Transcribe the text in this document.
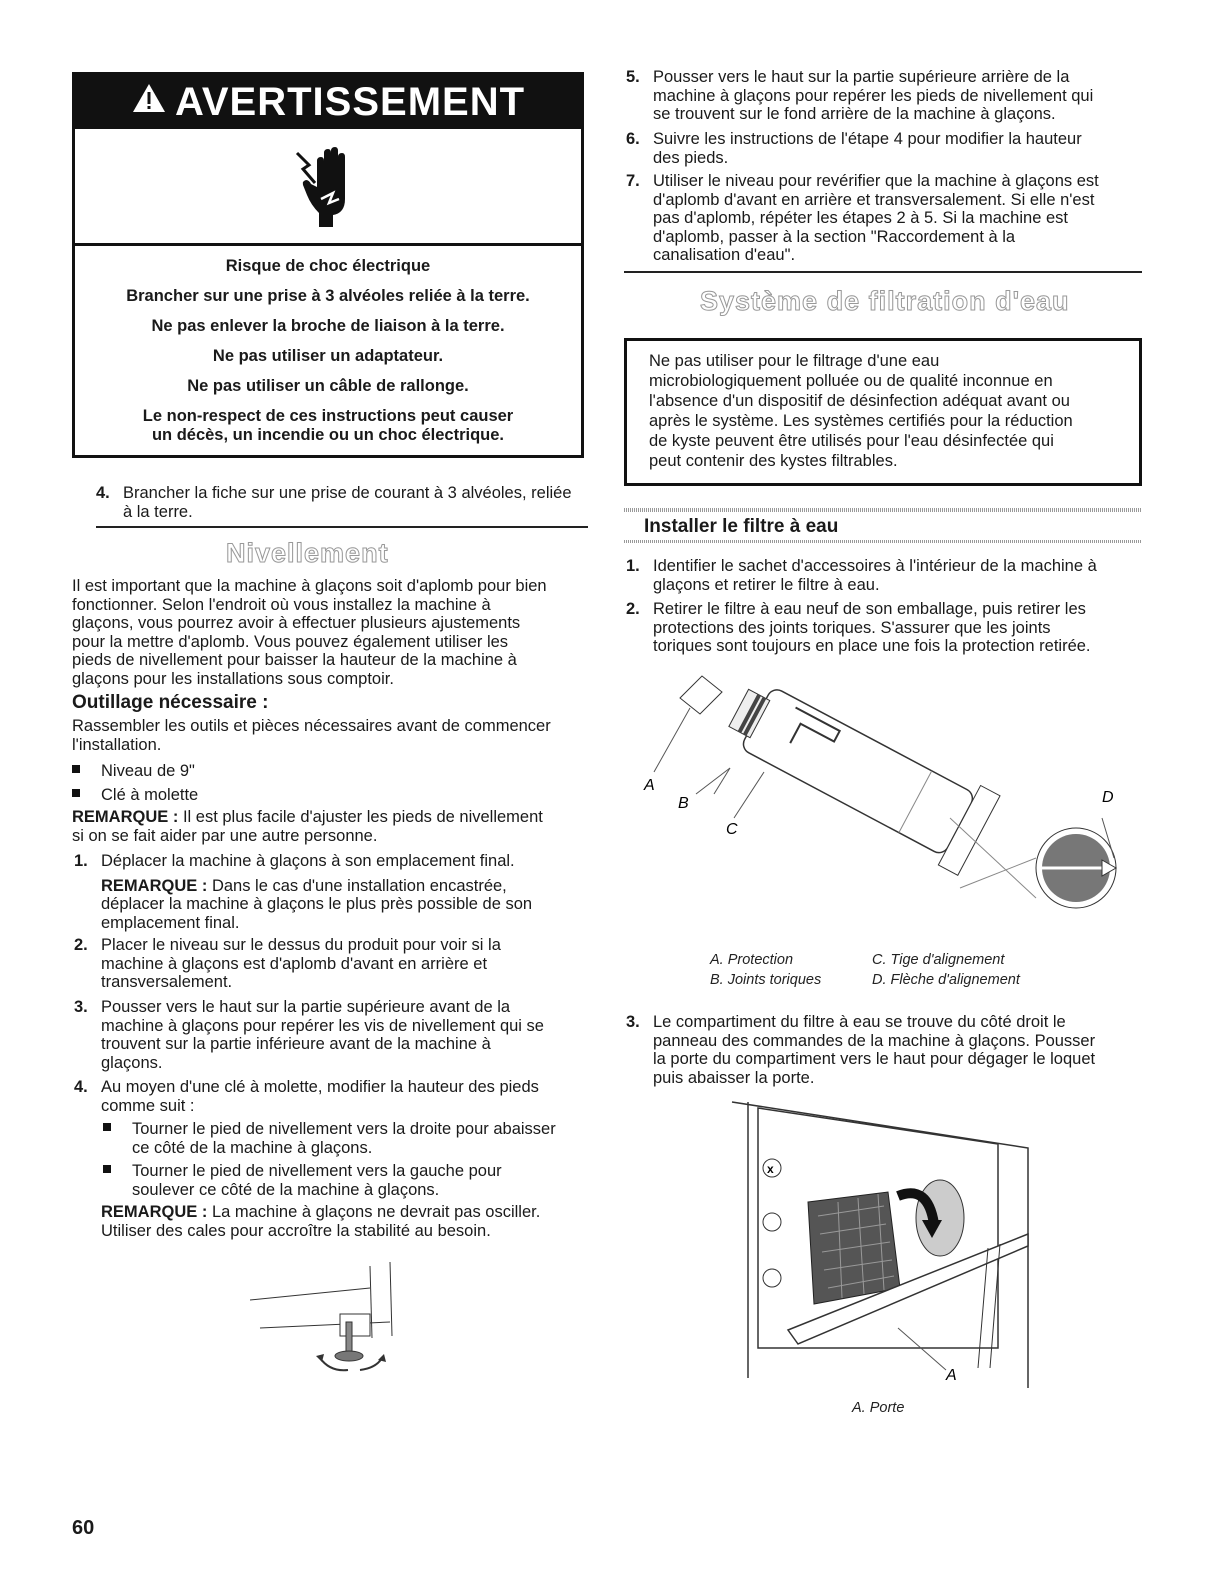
AVERTISSEMENT
Risque de choc électrique
Brancher sur une prise à 3 alvéoles reliée à la terre.
Ne pas enlever la broche de liaison à la terre.
Ne pas utiliser un adaptateur.
Ne pas utiliser un câble de rallonge.
Le non-respect de ces instructions peut causer
un décès, un incendie ou un choc électrique.
4. Brancher la fiche sur une prise de courant à 3 alvéoles, reliée
à la terre.
Nivellement
Il est important que la machine à glaçons soit d'aplomb pour bien
fonctionner. Selon l'endroit où vous installez la machine à
glaçons, vous pourrez avoir à effectuer plusieurs ajustements
pour la mettre d'aplomb. Vous pouvez également utiliser les
pieds de nivellement pour baisser la hauteur de la machine à
glaçons pour les installations sous comptoir.
Outillage nécessaire :
Rassembler les outils et pièces nécessaires avant de commencer
l'installation.
Niveau de 9"
Clé à molette
REMARQUE : Il est plus facile d'ajuster les pieds de nivellement
si on se fait aider par une autre personne.
1. Déplacer la machine à glaçons à son emplacement final.
REMARQUE : Dans le cas d'une installation encastrée,
déplacer la machine à glaçons le plus près possible de son
emplacement final.
2. Placer le niveau sur le dessus du produit pour voir si la
machine à glaçons est d'aplomb d'avant en arrière et
transversalement.
3. Pousser vers le haut sur la partie supérieure avant de la
machine à glaçons pour repérer les vis de nivellement qui se
trouvent sur la partie inférieure avant de la machine à
glaçons.
4. Au moyen d'une clé à molette, modifier la hauteur des pieds
comme suit :
Tourner le pied de nivellement vers la droite pour abaisser
ce côté de la machine à glaçons.
Tourner le pied de nivellement vers la gauche pour
soulever ce côté de la machine à glaçons.
REMARQUE : La machine à glaçons ne devrait pas osciller.
Utiliser des cales pour accroître la stabilité au besoin.
5. Pousser vers le haut sur la partie supérieure arrière de la
machine à glaçons pour repérer les pieds de nivellement qui
se trouvent sur le fond arrière de la machine à glaçons.
6. Suivre les instructions de l'étape 4 pour modifier la hauteur
des pieds.
7. Utiliser le niveau pour revérifier que la machine à glaçons est
d'aplomb d'avant en arrière et transversalement. Si elle n'est
pas d'aplomb, répéter les étapes 2 à 5. Si la machine est
d'aplomb, passer à la section "Raccordement à la
canalisation d'eau".
Système de filtration d'eau
Ne pas utiliser pour le filtrage d'une eau
microbiologiquement polluée ou de qualité inconnue en
l'absence d'un dispositif de désinfection adéquat avant ou
après le système. Les systèmes certifiés pour la réduction
de kyste peuvent être utilisés pour l'eau désinfectée qui
peut contenir des kystes filtrables.
Installer le filtre à eau
1. Identifier le sachet d'accessoires à l'intérieur de la machine à
glaçons et retirer le filtre à eau.
2. Retirer le filtre à eau neuf de son emballage, puis retirer les
protections des joints toriques. S'assurer que les joints
toriques sont toujours en place une fois la protection retirée.
A
B
C
D
A. Protection
B. Joints toriques
C. Tige d'alignement
D. Flèche d'alignement
3. Le compartiment du filtre à eau se trouve du côté droit le
panneau des commandes de la machine à glaçons. Pousser
la porte du compartiment vers le haut pour dégager le loquet
puis abaisser la porte.
x
A
A. Porte
60
